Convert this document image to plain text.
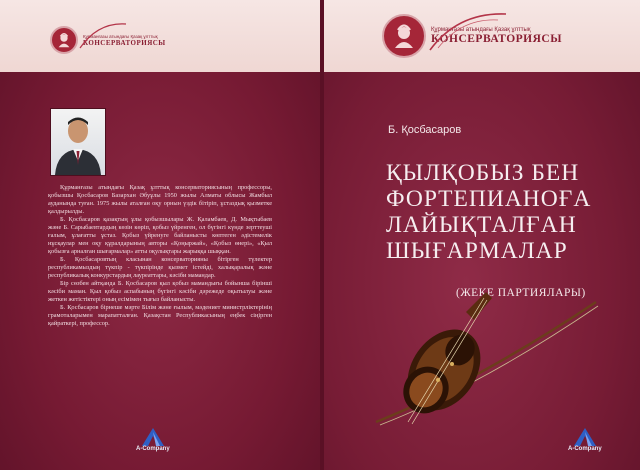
Құрманғазы атындағы Қазақ ұлттық
КОНСЕРВАТОРИЯСЫ
Құрманғазы атындағы Қазақ ұлттық
КОНСЕРВАТОРИЯСЫ

Құрманғазы атындағы Қазақ ұлттық консерваториясының профессоры, қобызшы Қосбасаров Базархан Әбуұлы 1950 жылы Алматы облысы Жамбыл ауданында туған. 1975 жылы аталған оқу орнын үздік бітіріп, ұстаздық қызметке қалдырылды.

Б. Қосбасаров қазақтың ұлы қобызшылары Ж. Қаламбаев, Д. Мықтыбаев және Б. Сарыбаевтардың көзін көріп, қобыз үйренген, ол бүгінгі күнде зерттеуші ғалым, ұлағатты ұстаз. Қобыз үйренуге байланысты көптеген әдістемелік нұсқаулар мен оқу құралдарының авторы «Қоңыржай», «Қобыз өнері», «Қыл қобызға арналған шығармалар» атты оқулықтары жарыққа шыққан.

Б. Қосбасаровтың класынан консерваторияны бітірген түлектер республикамыздың түкпір - түкпірінде қызмет істейді, халықаралық және республикалық конкурстардың лауреаттары, кәсіби мамандар.

Бір сөзбен айтқанда Б. Қосбасаров қыл қобыз мамандығы бойынша бірінші кәсіби маман. Қыл қобыз аспабының бүгінгі кәсіби дәрежеде оқытылуы және жеткен жетістіктері оның есімімен тығыз байланысты.

Б. Қосбасаров бірнеше мәрте Білім және ғылым, мәдениет министрліктерінің грамоталарымен марапатталған. Қазақстан Республикасының еңбек сіңірген қайраткері, профессор.

A-Company	A-Company
Б. Қосбасаров
ҚЫЛҚОБЫЗ БЕН
ФОРТЕПИАНОҒА
ЛАЙЫҚТАЛҒАН
ШЫҒАРМАЛАР
(ЖЕКЕ ПАРТИЯЛАРЫ)
